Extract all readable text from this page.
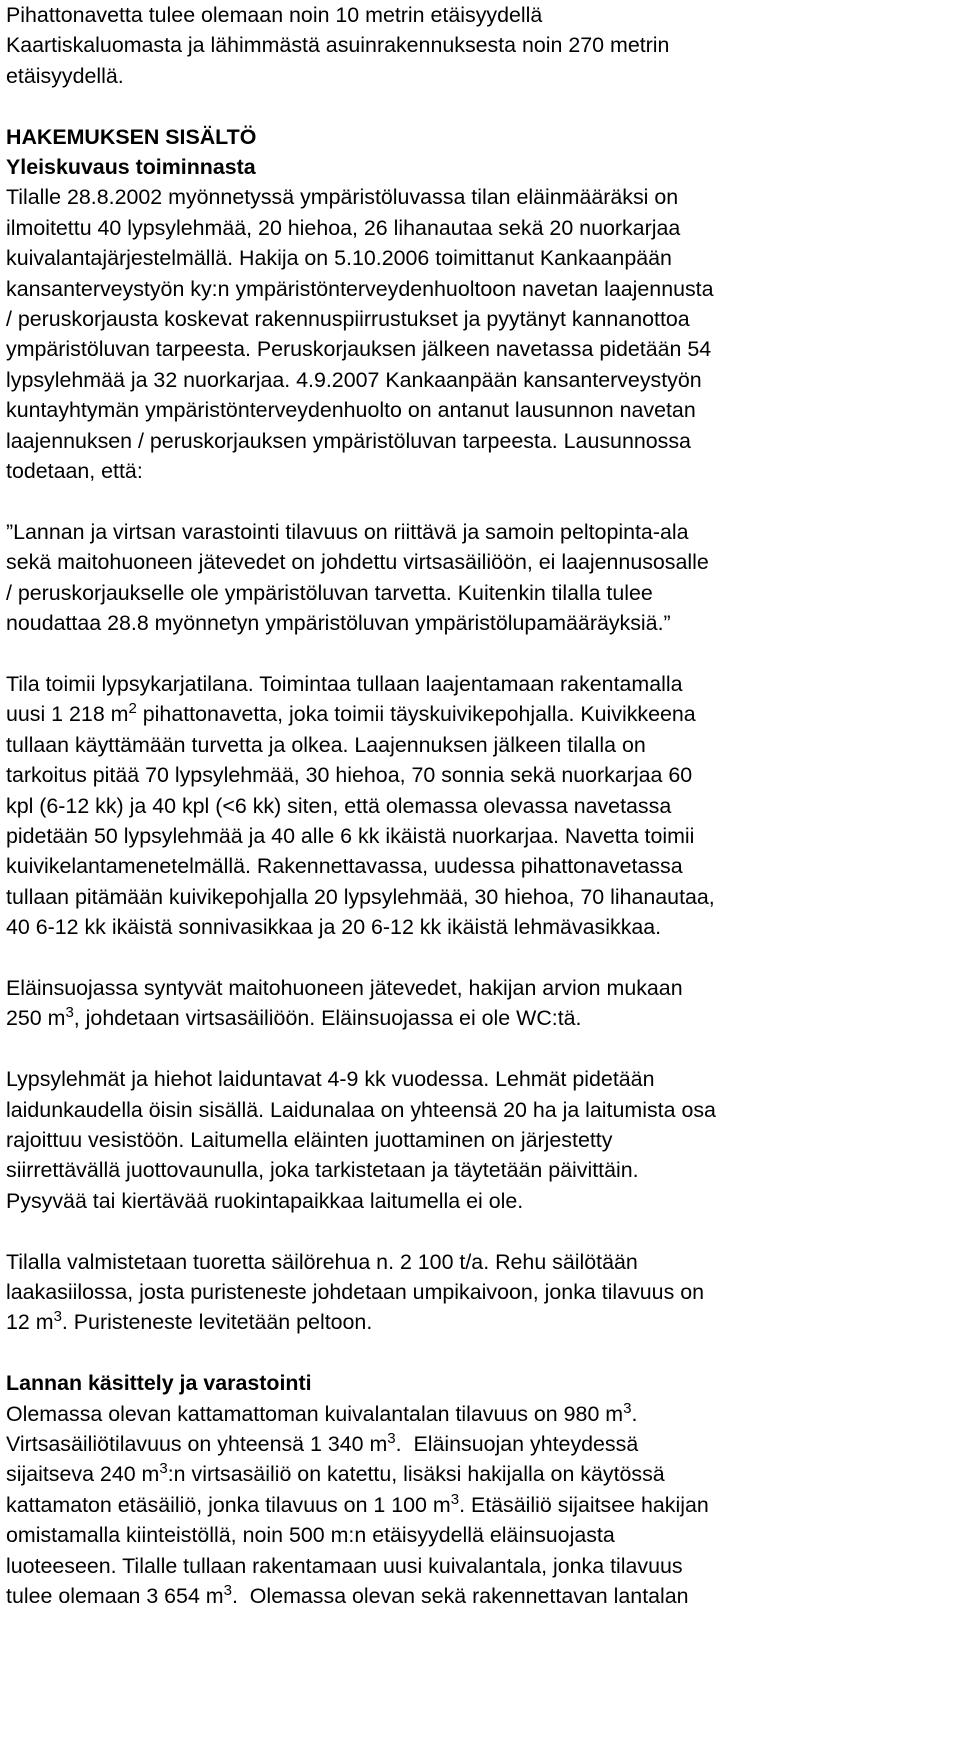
Pihattonavetta tulee olemaan noin 10 metrin etäisyydellä
Kaartiskaluomasta ja lähimmästä asuinrakennuksesta noin 270 metrin
etäisyydellä.

HAKEMUKSEN SISÄLTÖ
Yleiskuvaus toiminnasta
Tilalle 28.8.2002 myönnetyssä ympäristöluvassa tilan eläinmääräksi on
ilmoitettu 40 lypsylehmää, 20 hiehoa, 26 lihanautaa sekä 20 nuorkarjaa
kuivalantajärjestelmällä. Hakija on 5.10.2006 toimittanut Kankaanpään
kansanterveystyön ky:n ympäristönterveydenhuoltoon navetan laajennusta
/ peruskorjausta koskevat rakennuspiirrustukset ja pyytänyt kannanottoa
ympäristöluvan tarpeesta. Peruskorjauksen jälkeen navetassa pidetään 54
lypsylehmää ja 32 nuorkarjaa. 4.9.2007 Kankaanpään kansanterveystyön
kuntayhtymän ympäristönterveydenhuolto on antanut lausunnon navetan
laajennuksen / peruskorjauksen ympäristöluvan tarpeesta. Lausunnossa
todetaan, että:

”Lannan ja virtsan varastointi tilavuus on riittävä ja samoin peltopinta-ala
sekä maitohuoneen jätevedet on johdettu virtsasäiliöön, ei laajennusosalle
/ peruskorjaukselle ole ympäristöluvan tarvetta. Kuitenkin tilalla tulee
noudattaa 28.8 myönnetyn ympäristöluvan ympäristölupamääräyksiä.”

Tila toimii lypsykarjatilana. Toimintaa tullaan laajentamaan rakentamalla
uusi 1 218 $m^2$ pihattonavetta, joka toimii täyskuivikepohjalla. Kuivikkeena
tullaan käyttämään turvetta ja olkea. Laajennuksen jälkeen tilalla on
tarkoitus pitää 70 lypsylehmää, 30 hiehoa, 70 sonnia sekä nuorkarjaa 60
kpl (6-12 kk) ja 40 kpl (<6 kk) siten, että olemassa olevassa navetassa
pidetään 50 lypsylehmää ja 40 alle 6 kk ikäistä nuorkarjaa. Navetta toimii
kuivikelantamenetelmällä. Rakennettavassa, uudessa pihattonavetassa
tullaan pitämään kuivikepohjalla 20 lypsylehmää, 30 hiehoa, 70 lihanautaa,
40 6-12 kk ikäistä sonnivasikkaa ja 20 6-12 kk ikäistä lehmävasikkaa.

Eläinsuojassa syntyvät maitohuoneen jätevedet, hakijan arvion mukaan
250 $m^3$, johdetaan virtsasäiliöön. Eläinsuojassa ei ole WC:tä.

Lypsylehmät ja hiehot laiduntavat 4-9 kk vuodessa. Lehmät pidetään
laidunkaudella öisin sisällä. Laidunalaa on yhteensä 20 ha ja laitumista osa
rajoittuu vesistöön. Laitumella eläinten juottaminen on järjestetty
siirrettävällä juottovaunulla, joka tarkistetaan ja täytetään päivittäin.
Pysyvää tai kiertävää ruokintapaikkaa laitumella ei ole.

Tilalla valmistetaan tuoretta säilörehua n. 2 100 t/a. Rehu säilötään
laakasiilossa, josta puristeneste johdetaan umpikaivoon, jonka tilavuus on
12 $m^3$. Puristeneste levitetään peltoon.

Lannan käsittely ja varastointi
Olemassa olevan kattamattoman kuivalantalan tilavuus on 980 $m^3$.
Virtsasäiliötilavuus on yhteensä 1 340 $m^3$.  Eläinsuojan yhteydessä
sijaitseva 240 $m^3:n$ virtsasäiliö on katettu, lisäksi hakijalla on käytössä
kattamaton etäsäiliö, jonka tilavuus on 1 100 $m^3$. Etäsäiliö sijaitsee hakijan
omistamalla kiinteistöllä, noin 500 m:n etäisyydellä eläinsuojasta
luoteeseen. Tilalle tullaan rakentamaan uusi kuivalantala, jonka tilavuus
tulee olemaan 3 654 $m^3$.  Olemassa olevan sekä rakennettavan lantalan
